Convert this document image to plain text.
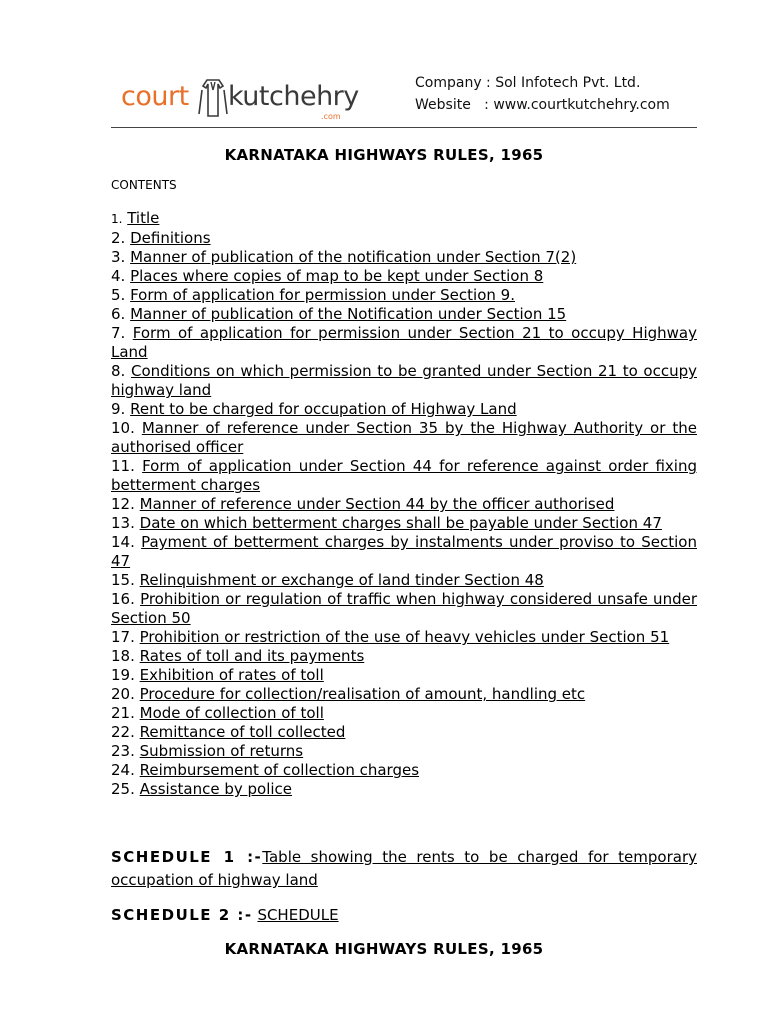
court kutchehry
.com
Company : Sol Infotech Pvt. Ltd.
Website   : www.courtkutchehry.com
KARNATAKA HIGHWAYS RULES, 1965
CONTENTS
1. Title
2. Definitions
3. Manner of publication of the notification under Section 7(2)
4. Places where copies of map to be kept under Section 8
5. Form of application for permission under Section 9.
6. Manner of publication of the Notification under Section 15
7. Form of application for permission under Section 21 to occupy Highway Land
8. Conditions on which permission to be granted under Section 21 to occupy highway land
9. Rent to be charged for occupation of Highway Land
10. Manner of reference under Section 35 by the Highway Authority or the authorised officer
11. Form of application under Section 44 for reference against order fixing betterment charges
12. Manner of reference under Section 44 by the officer authorised
13. Date on which betterment charges shall be payable under Section 47
14. Payment of betterment charges by instalments under proviso to Section 47
15. Relinquishment or exchange of land tinder Section 48
16. Prohibition or regulation of traffic when highway considered unsafe under Section 50
17. Prohibition or restriction of the use of heavy vehicles under Section 51
18. Rates of toll and its payments
19. Exhibition of rates of toll
20. Procedure for collection/realisation of amount, handling etc
21. Mode of collection of toll
22. Remittance of toll collected
23. Submission of returns
24. Reimbursement of collection charges
25. Assistance by police
SCHEDULE 1 :-Table showing the rents to be charged for temporary occupation of highway land
SCHEDULE 2 :- SCHEDULE
KARNATAKA HIGHWAYS RULES, 1965
